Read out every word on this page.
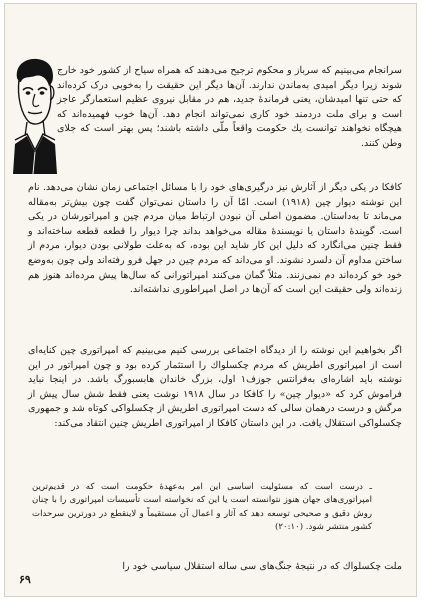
سرانجام می‌بینیم که سرباز و محکوم ترجیح می‌دهند که همراه سیاح از کشور خود خارج شوند زیرا دیگر امیدی به‌ماندن ندارند. آن‌ها دیگر این حقیقت را به‌خوبی درک کرده‌اند که حتی تنها امیدشان، یعنی فرماندهٔ جدید، هم در مقابل نیروی عظیم استعمارگر عاجز است و برای ملت دردمند خود کاری نمی‌تواند انجام دهد. آن‌ها خوب فهمیده‌اند که هیچگاه نخواهند توانست یك حکومت واقعاً ملّی داشته باشند؛ پس بهتر است که جلای وطن کنند.

کافکا در یکی دیگر از آثارش نیز درگیری‌های خود را با مسائل اجتماعی زمان نشان می‌دهد. نام این نوشته دیوار چین (۱۹۱۸) است. امّا آن را داستان نمی‌توان گفت چون بیش‌تر به‌مقاله می‌ماند تا به‌داستان. مضمون اصلی آن نبودن ارتباط میان مردم چین و امپراتورشان در یکی است. گویندهٔ داستان یا نویسندهٔ مقاله می‌خواهد بداند چرا دیوار را قطعه قطعه ساخته‌اند و فقط چنین می‌انگارد که دلیل این کار شاید این بوده، که به‌علت طولانی بودن دیوار، مردم از ساختن مداوم آن دلسرد نشوند. او می‌داند که مردم چین در جهل فرو رفته‌اند ولی چون به‌وضع خود خو کرده‌اند دم نمی‌زنند. مثلاً گمان می‌کنند امپراتورانی که سال‌ها پیش مرده‌اند هنوز هم زنده‌اند ولی حقیقت این است که آن‌ها در اصل امپراطوری نداشته‌اند.

اگر بخواهیم این نوشته را از دیدگاه اجتماعی بررسی کنیم می‌بینیم که امپراتوری چین کنایه‌ای است از امپراتوری اطریش که مردم چکسلواك را استثمار کرده بود و چون امپراتور در این نوشته باید اشاره‌ای به‌فرانتس جوزف۱ اول، بزرگ خاندان هابسبورگ باشد. در اینجا نباید فراموش کرد که «دیوار چین» را کافکا در سال ۱۹۱۸ نوشت یعنی فقط شش سال پیش از مرگش و درست درهمان سالی که دست امپراتوری اطریش از چکسلواکی کوتاه شد و جمهوری چکسلواکی استقلال یافت. در این داستان کافکا از امپراتوری اطریش چنین انتقاد می‌کند:

ـ درست است که مسئولیت اساسی این امر به‌عهدهٔ حکومت است که در قدیم‌ترین امپراتوری‌های جهان هنوز نتوانسته است یا این که نخواسته است تأسیسات امپراتوری را با چنان روش دقیق و صحیحی توسعه دهد که آثار و اعمال آن مستقیماً و لاینقطع در دورترین سرحدات کشور منتشر شود. (۲۰:۱۰)

ملت چکسلواك که در نتیجهٔ جنگ‌های سی ساله استقلال سیاسی خود را

۶۹
